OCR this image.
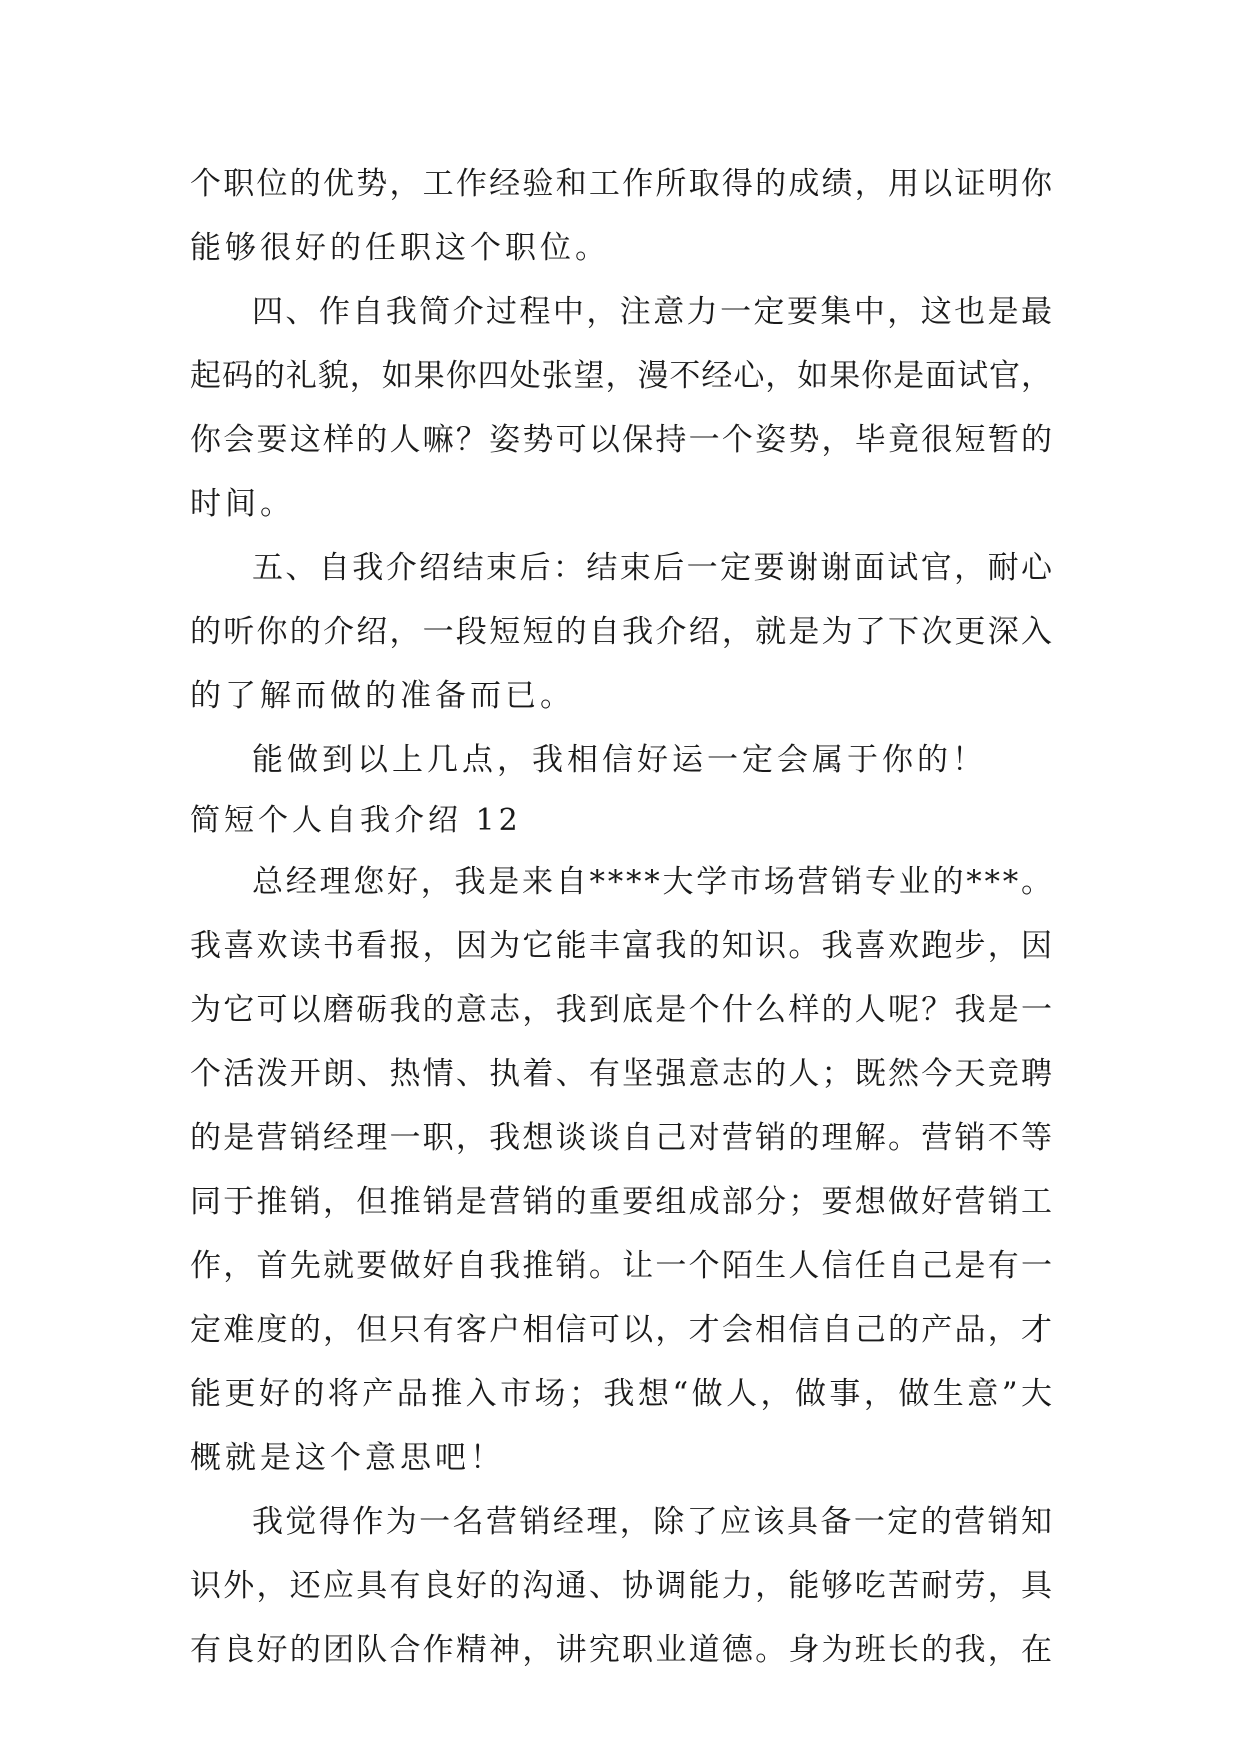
个职位的优势，工作经验和工作所取得的成绩，用以证明你
能够很好的任职这个职位。
四、作自我简介过程中，注意力一定要集中，这也是最
起码的礼貌，如果你四处张望，漫不经心，如果你是面试官，
你会要这样的人嘛？姿势可以保持一个姿势，毕竟很短暂的
时间。
五、自我介绍结束后：结束后一定要谢谢面试官，耐心
的听你的介绍，一段短短的自我介绍，就是为了下次更深入
的了解而做的准备而已。
能做到以上几点，我相信好运一定会属于你的！
简短个人自我介绍 12
总经理您好，我是来自****大学市场营销专业的***。
我喜欢读书看报，因为它能丰富我的知识。我喜欢跑步，因
为它可以磨砺我的意志，我到底是个什么样的人呢？我是一
个活泼开朗、热情、执着、有坚强意志的人；既然今天竞聘
的是营销经理一职，我想谈谈自己对营销的理解。营销不等
同于推销，但推销是营销的重要组成部分；要想做好营销工
作，首先就要做好自我推销。让一个陌生人信任自己是有一
定难度的，但只有客户相信可以，才会相信自己的产品，才
能更好的将产品推入市场；我想“做人，做事，做生意”大
概就是这个意思吧！
我觉得作为一名营销经理，除了应该具备一定的营销知
识外，还应具有良好的沟通、协调能力，能够吃苦耐劳，具
有良好的团队合作精神，讲究职业道德。身为班长的我，在
